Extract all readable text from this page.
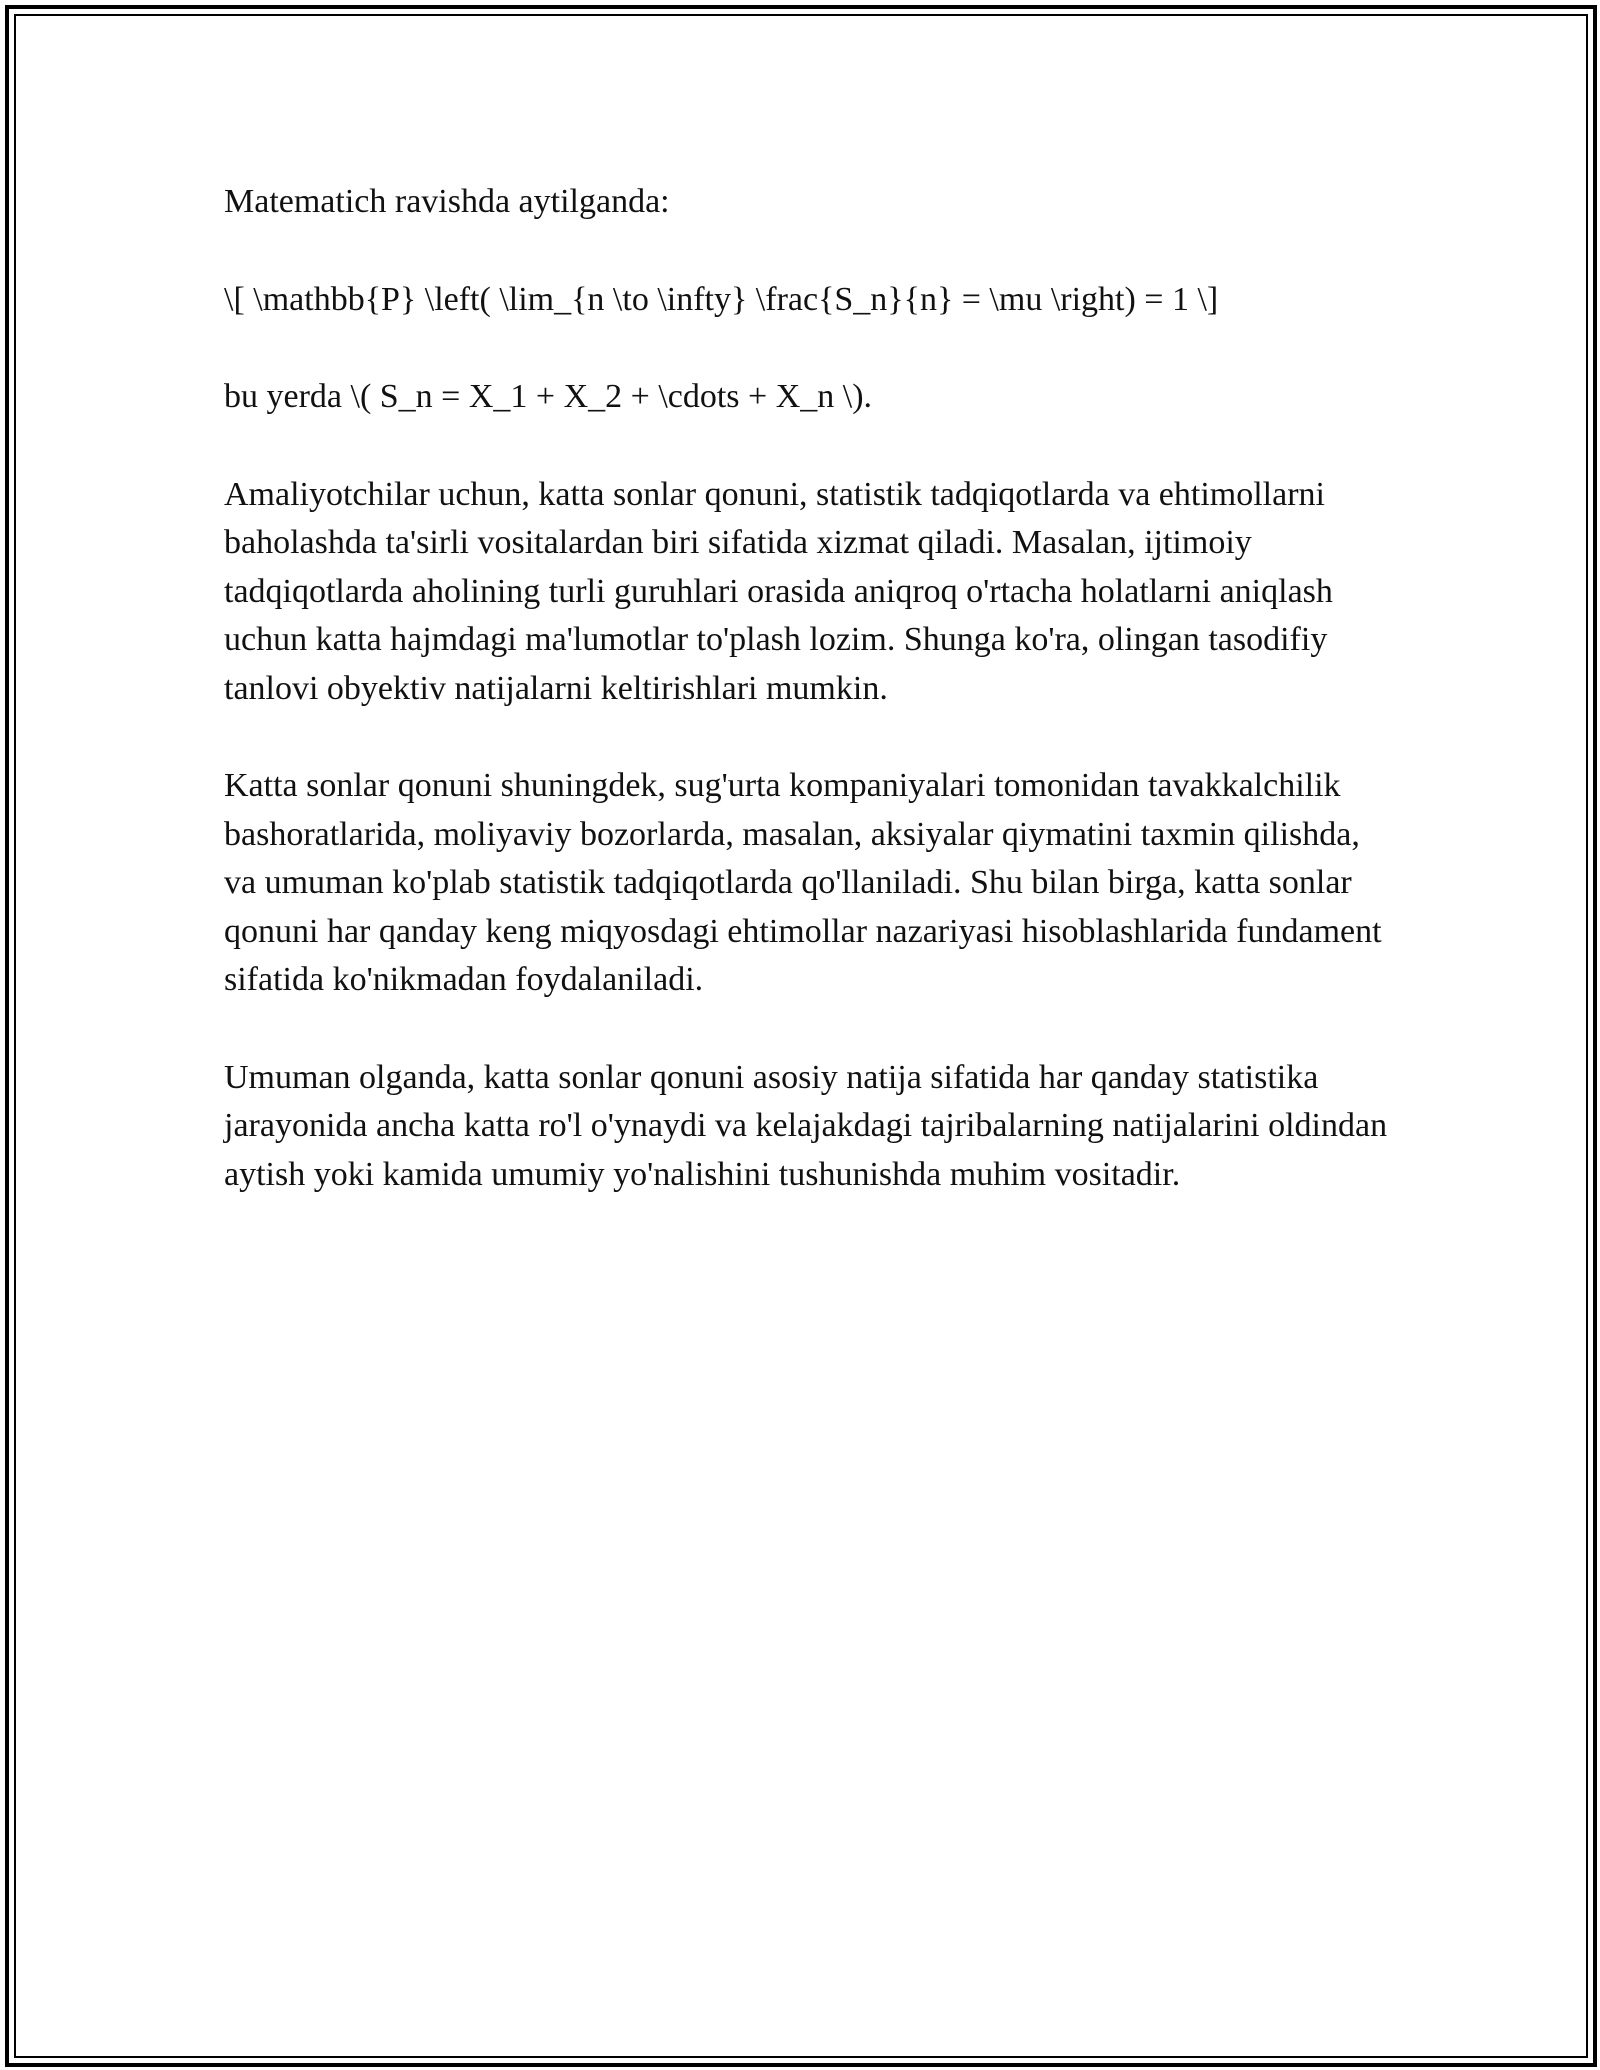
Matematich ravishda aytilganda:

\[ \mathbb{P} \left( \lim_{n \to \infty} \frac{S_n}{n} = \mu \right) = 1 \]

bu yerda \( S_n = X_1 + X_2 + \cdots + X_n \).

Amaliyotchilar uchun, katta sonlar qonuni, statistik tadqiqotlarda va ehtimollarni baholashda ta'sirli vositalardan biri sifatida xizmat qiladi. Masalan, ijtimoiy tadqiqotlarda aholining turli guruhlari orasida aniqroq o'rtacha holatlarni aniqlash uchun katta hajmdagi ma'lumotlar to'plash lozim. Shunga ko'ra, olingan tasodifiy tanlovi obyektiv natijalarni keltirishlari mumkin.

Katta sonlar qonuni shuningdek, sug'urta kompaniyalari tomonidan tavakkalchilik bashoratlarida, moliyaviy bozorlarda, masalan, aksiyalar qiymatini taxmin qilishda, va umuman ko'plab statistik tadqiqotlarda qo'llaniladi. Shu bilan birga, katta sonlar qonuni har qanday keng miqyosdagi ehtimollar nazariyasi hisoblashlarida fundament sifatida ko'nikmadan foydalaniladi.

Umuman olganda, katta sonlar qonuni asosiy natija sifatida har qanday statistika jarayonida ancha katta ro'l o'ynaydi va kelajakdagi tajribalarning natijalarini oldindan aytish yoki kamida umumiy yo'nalishini tushunishda muhim vositadir.
